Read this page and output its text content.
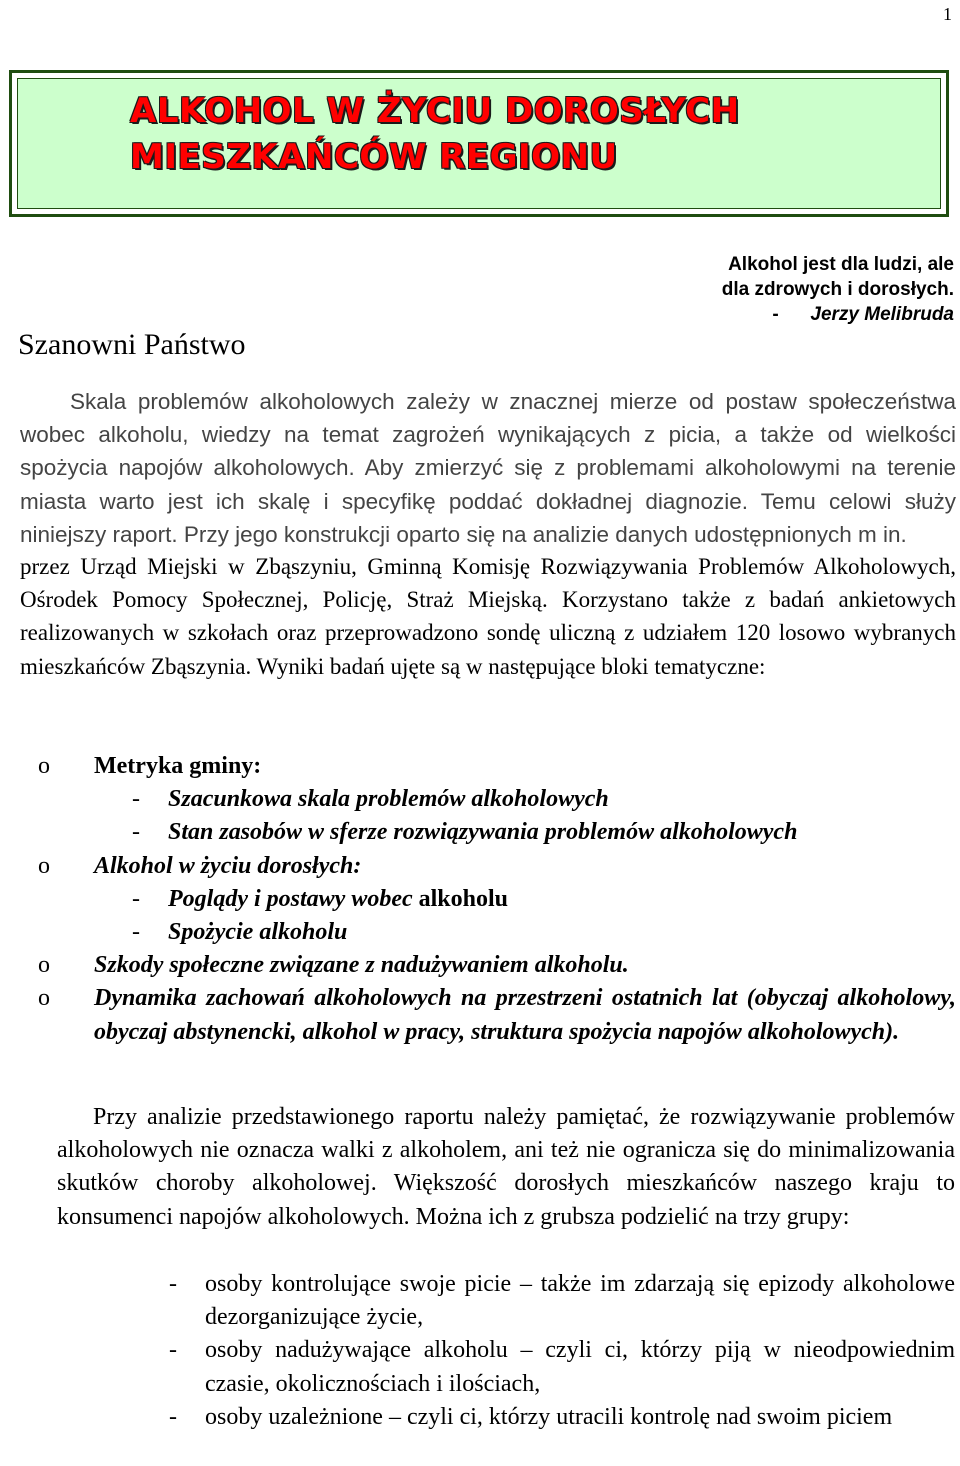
1
ALKOHOL W ŻYCIU DOROSŁYCH
MIESZKAŃCÓW REGIONU
Alkohol jest dla ludzi, ale
dla zdrowych i dorosłych.
- Jerzy Melibruda
Szanowni Państwo
Skala problemów alkoholowych zależy w znacznej mierze od postaw społeczeństwa wobec alkoholu, wiedzy na temat zagrożeń wynikających z picia, a także od wielkości spożycia napojów alkoholowych. Aby zmierzyć się z problemami alkoholowymi na terenie miasta warto jest ich skalę i specyfikę poddać dokładnej diagnozie. Temu celowi służy niniejszy raport. Przy jego konstrukcji oparto się na analizie danych udostępnionych m in.
przez Urząd Miejski w Zbąszyniu, Gminną Komisję Rozwiązywania Problemów Alkoholowych, Ośrodek Pomocy Społecznej, Policję, Straż Miejską. Korzystano także z badań ankietowych realizowanych w szkołach oraz przeprowadzono sondę uliczną z udziałem 120 losowo wybranych mieszkańców Zbąszynia. Wyniki badań ujęte są w następujące bloki tematyczne:
o Metryka gminy:
- Szacunkowa skala problemów alkoholowych
- Stan zasobów w sferze rozwiązywania problemów alkoholowych
o Alkohol w życiu dorosłych:
- Poglądy i postawy wobec alkoholu
- Spożycie alkoholu
o Szkody społeczne związane z nadużywaniem alkoholu.
o Dynamika zachowań alkoholowych na przestrzeni ostatnich lat (obyczaj alkoholowy, obyczaj abstynencki, alkohol w pracy, struktura spożycia napojów alkoholowych).
Przy analizie przedstawionego raportu należy pamiętać, że rozwiązywanie problemów alkoholowych nie oznacza walki z alkoholem, ani też nie ogranicza się do minimalizowania skutków choroby alkoholowej. Większość dorosłych mieszkańców naszego kraju to konsumenci napojów alkoholowych. Można ich z grubsza podzielić na trzy grupy:
- osoby kontrolujące swoje picie – także im zdarzają się epizody alkoholowe dezorganizujące życie,
- osoby nadużywające alkoholu – czyli ci, którzy piją w nieodpowiednim czasie, okolicznościach i ilościach,
- osoby uzależnione – czyli ci, którzy utracili kontrolę nad swoim piciem
